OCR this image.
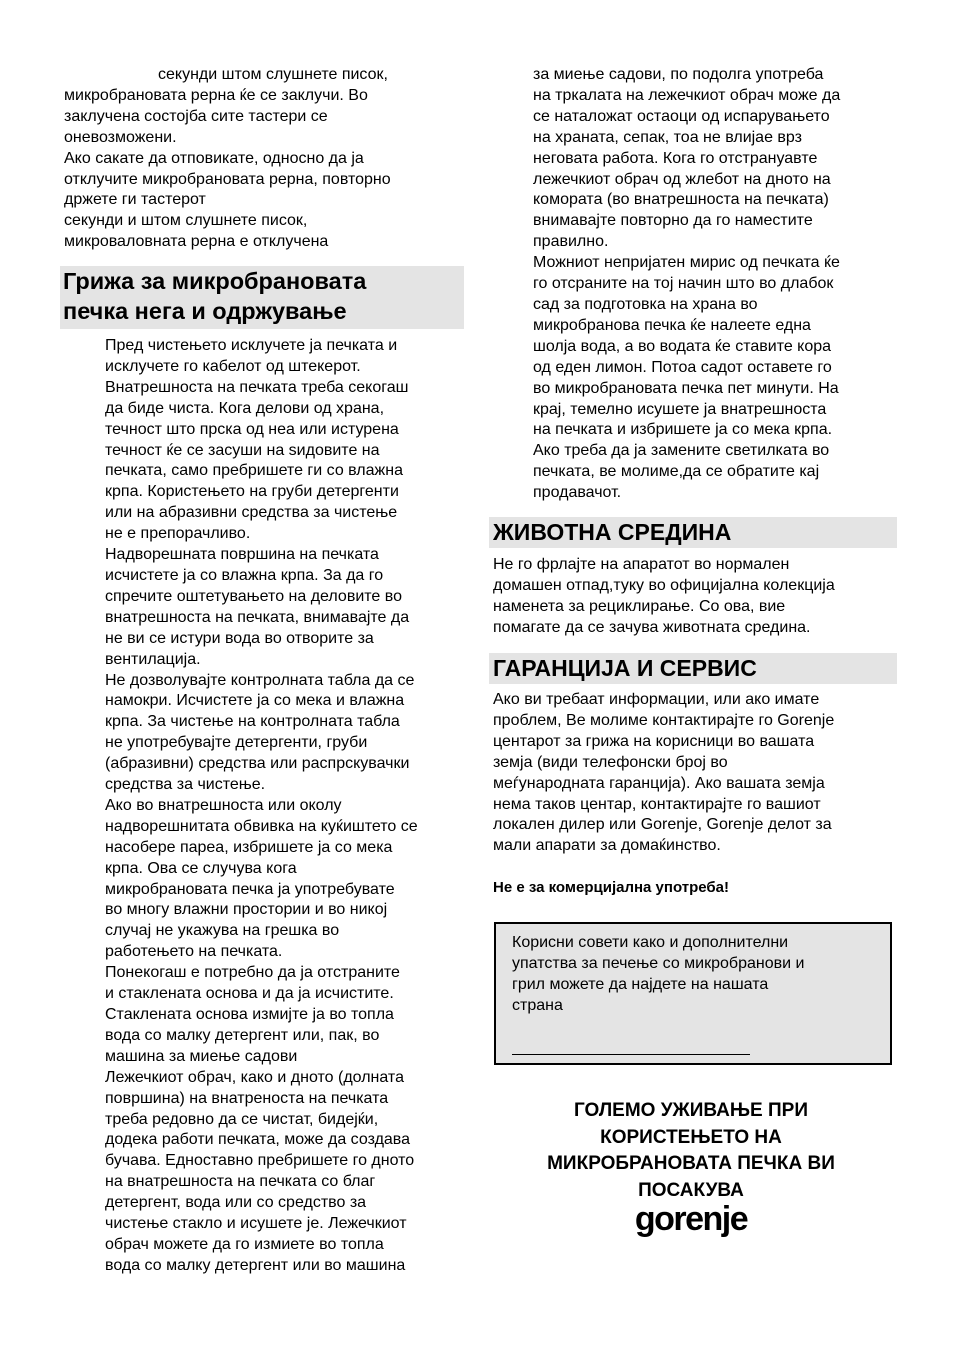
секунди штом слушнете писок,
микробрановата рерна ќе се заклучи. Во
заклучена состојба сите тастери се
оневозможени.
Ако сакате да отповикате, односно да ја
отклучите микробрановата рерна, повторно
држете ги тастерот
секунди и штом слушнете писок,
микроваловната рерна е отклучена
Грижа за микробрановата
печка нега и одржување
Пред чистењето исклучете ја печката и
исклучете го кабелот од штекерот.
Внатрешноста на печката треба секогаш
да биде чиста. Кога делови од храна,
течност што прска од неа или истурена
течност ќе се засуши на ѕидовите на
печката, само пребришете ги со влажна
крпа. Користењето на груби детергенти
или на абразивни средства за чистење
не е препорачливо.
Надворешната површина на печката
исчистете ја со влажна крпа. За да го
спречите оштетувањето на деловите во
внатрешноста на печката, внимавајте да
не ви се истури вода во отворите за
вентилација.
Не дозволувајте контролната табла да се
намокри. Исчистете ја со мека и влажна
крпа. За чистење на контролната табла
не употребувајте детергенти, груби
(абразивни) средства или распрскувачки
средства за чистење.
Ако во внатрешноста или околу
надворешнитата обвивка на куќиштето се
насобере пареа, избришете ја со мека
крпа. Ова се случува кога
микробрановата печка ја употребувате
во многу влажни простории и во никој
случај не укажува на грешка во
работењето на печката.
Понекогаш е потребно да ја отстраните
и стаклената основа и да ја исчистите.
Стаклената основа измијте ја во топла
вода со малку детергент или, пак, во
машина за миење садови
Лежечкиот обрач, како и дното (долната
површина) на внатреноста на печката
треба редовно да се чистат, бидејќи,
додека работи печката, може да создава
бучава. Едноставно пребришете го дното
на внатрешноста на печката со благ
детергент, вода или со средство за
чистење стакло и исушете је. Лежечкиот
обрач можете да го измиете во топла
вода со малку детергент или во машина
за миење садови, по подолга употреба
на тркалата на лежечкиот обрач може да
се наталожат остаоци од испарувањето
на храната, сепак, тоа не влијае врз
неговата работа. Кога го отстрануавте
лежечкиот обрач од жлебот на дното на
комората (во внатрешноста на печката)
внимавајте повторно да го наместите
правилно.
Можниот непријатен мирис од печката ќе
го отсраните на тој начин што во длабок
сад за подготовка на храна во
микробранова печка ќе налеете една
шолја вода, а во водата ќе ставите кора
од еден лимон. Потоа садот оставете го
во микробрановата печка пет минути. На
крај, темелно исушете ја внатрешноста
на печката и избришете ја со мека крпа.
Ако треба да ја замените светилката во
печката, ве молиме,да се обратите кај
продавачот.
ЖИВОТНА СРЕДИНА
Не го фрлајте на апаратот во нормален
домашен отпад,туку во официјална колекција
наменета за рециклирање. Со ова, вие
помагате да се зачува животната средина.
ГАРАНЦИЈА И СЕРВИС
Ако ви требаат информации, или ако имате
проблем, Ве молиме контактирајте го Gorenje
центарот за грижа на корисници во вашата
земја (види телефонски број во
меѓународната гаранција). Ако вашата земја
нема таков центар, контактирајте го вашиот
локален дилер или Gorenje, Gorenje делот за
мали апарати за домаќинство.
Не е за комерцијална употреба!
Корисни совети како и дополнителни
упатства за печење со микробранови и
грил можете да најдете на нашата
страна
ГОЛЕМО УЖИВАЊЕ ПРИ
КОРИСТЕЊЕТО НА
МИКРОБРАНОВАТА ПЕЧКА ВИ
ПОСАКУВА
gorenje
